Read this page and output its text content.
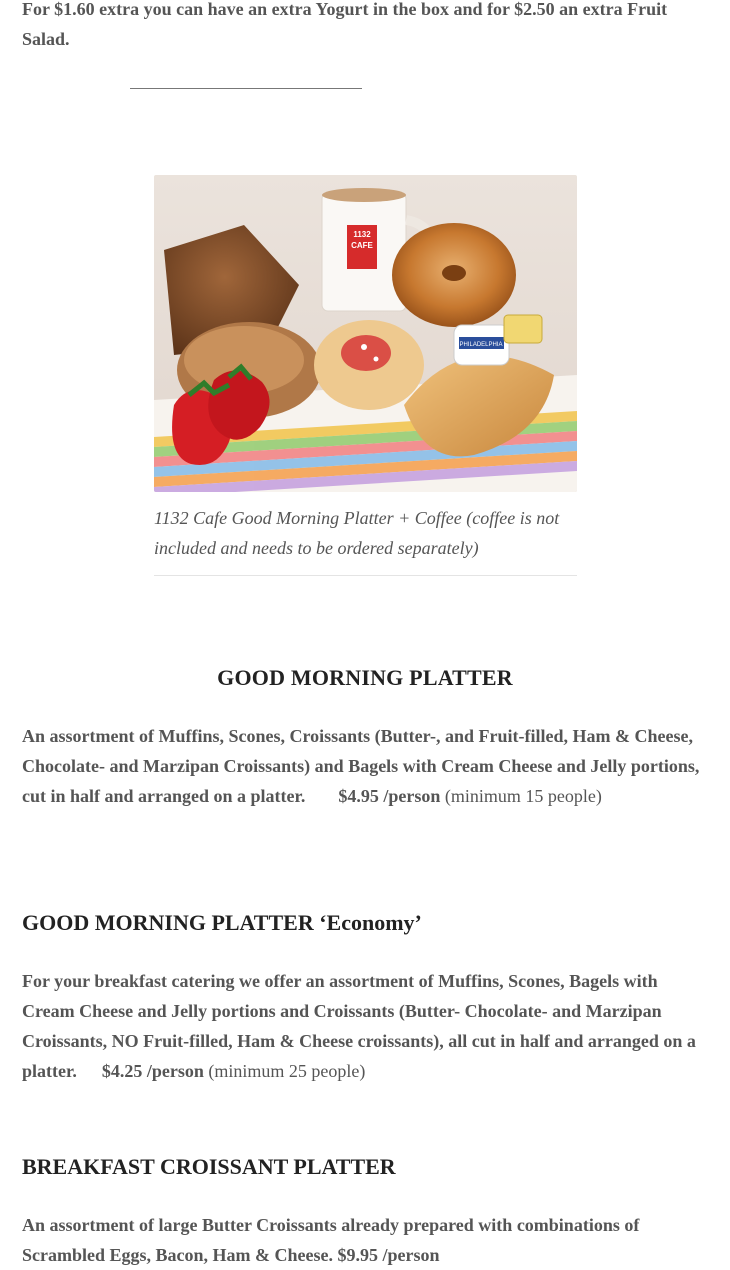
For $1.60 extra you can have an extra Yogurt in the box and for $2.50 an extra Fruit Salad.

1132
CAFE
PHILADELPHIA

1132 Cafe Good Morning Platter + Coffee (coffee is not included and needs to be ordered separately)

GOOD MORNING PLATTER

An assortment of Muffins, Scones, Croissants (Butter-, and Fruit-filled, Ham & Cheese, Chocolate- and Marzipan Croissants) and Bagels with Cream Cheese and Jelly portions, cut in half and arranged on a platter. $4.95 /person (minimum 15 people)

GOOD MORNING PLATTER ‘Economy’

For your breakfast catering we offer an assortment of Muffins, Scones, Bagels with Cream Cheese and Jelly portions and Croissants (Butter- Chocolate- and Marzipan Croissants, NO Fruit-filled, Ham & Cheese croissants), all cut in half and arranged on a platter. $4.25 /person (minimum 25 people)

BREAKFAST CROISSANT PLATTER

An assortment of large Butter Croissants already prepared with combinations of Scrambled Eggs, Bacon, Ham & Cheese. $9.95 /person
